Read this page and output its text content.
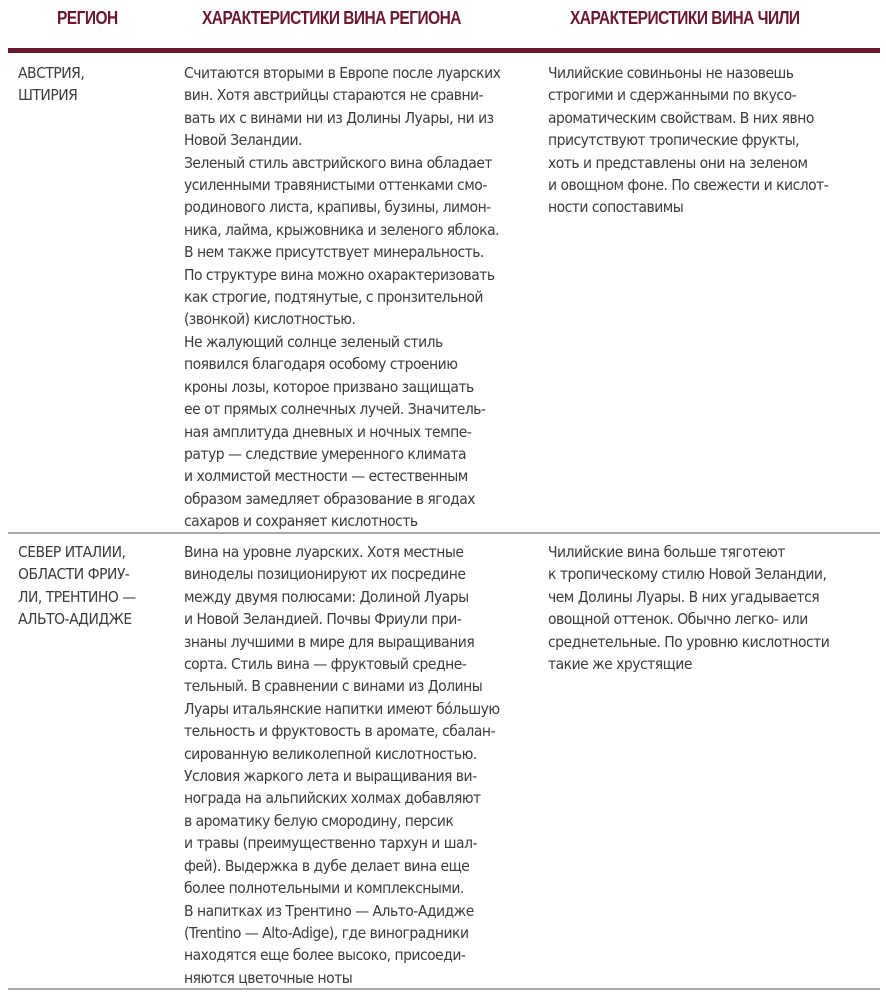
РЕГИОН	ХАРАКТЕРИСТИКИ ВИНА РЕГИОНА	ХАРАКТЕРИСТИКИ ВИНА ЧИЛИ
АВСТРИЯ,
ШТИРИЯ
Считаются вторыми в Европе после луарских
вин. Хотя австрийцы стараются не сравни-
вать их с винами ни из Долины Луары, ни из
Новой Зеландии.
Зеленый стиль австрийского вина обладает
усиленными травянистыми оттенками смо-
родинового листа, крапивы, бузины, лимон-
ника, лайма, крыжовника и зеленого яблока.
В нем также присутствует минеральность.
По структуре вина можно охарактеризовать
как строгие, подтянутые, с пронзительной
(звонкой) кислотностью.
Не жалующий солнце зеленый стиль
появился благодаря особому строению
кроны лозы, которое призвано защищать
ее от прямых солнечных лучей. Значитель-
ная амплитуда дневных и ночных темпе-
ратур — следствие умеренного климата
и холмистой местности — естественным
образом замедляет образование в ягодах
сахаров и сохраняет кислотность
Чилийские совиньоны не назовешь
строгими и сдержанными по вкусо-
ароматическим свойствам. В них явно
присутствуют тропические фрукты,
хоть и представлены они на зеленом
и овощном фоне. По свежести и кислот-
ности сопоставимы
СЕВЕР ИТАЛИИ,
ОБЛАСТИ ФРИУ-
ЛИ, ТРЕНТИНО —
АЛЬТО-АДИДЖЕ
Вина на уровне луарских. Хотя местные
виноделы позиционируют их посредине
между двумя полюсами: Долиной Луары
и Новой Зеландией. Почвы Фриули при-
знаны лучшими в мире для выращивания
сорта. Стиль вина — фруктовый средне-
тельный. В сравнении с винами из Долины
Луары итальянские напитки имеют бóльшую
тельность и фруктовость в аромате, сбалан-
сированную великолепной кислотностью.
Условия жаркого лета и выращивания ви-
нограда на альпийских холмах добавляют
в ароматику белую смородину, персик
и травы (преимущественно тархун и шал-
фей). Выдержка в дубе делает вина еще
более полнотельными и комплексными.
В напитках из Трентино — Альто-Адидже
(Trentino — Alto-Adige), где виноградники
находятся еще более высоко, присоеди-
няются цветочные ноты
Чилийские вина больше тяготеют
к тропическому стилю Новой Зеландии,
чем Долины Луары. В них угадывается
овощной оттенок. Обычно легко- или
среднетельные. По уровню кислотности
такие же хрустящие
